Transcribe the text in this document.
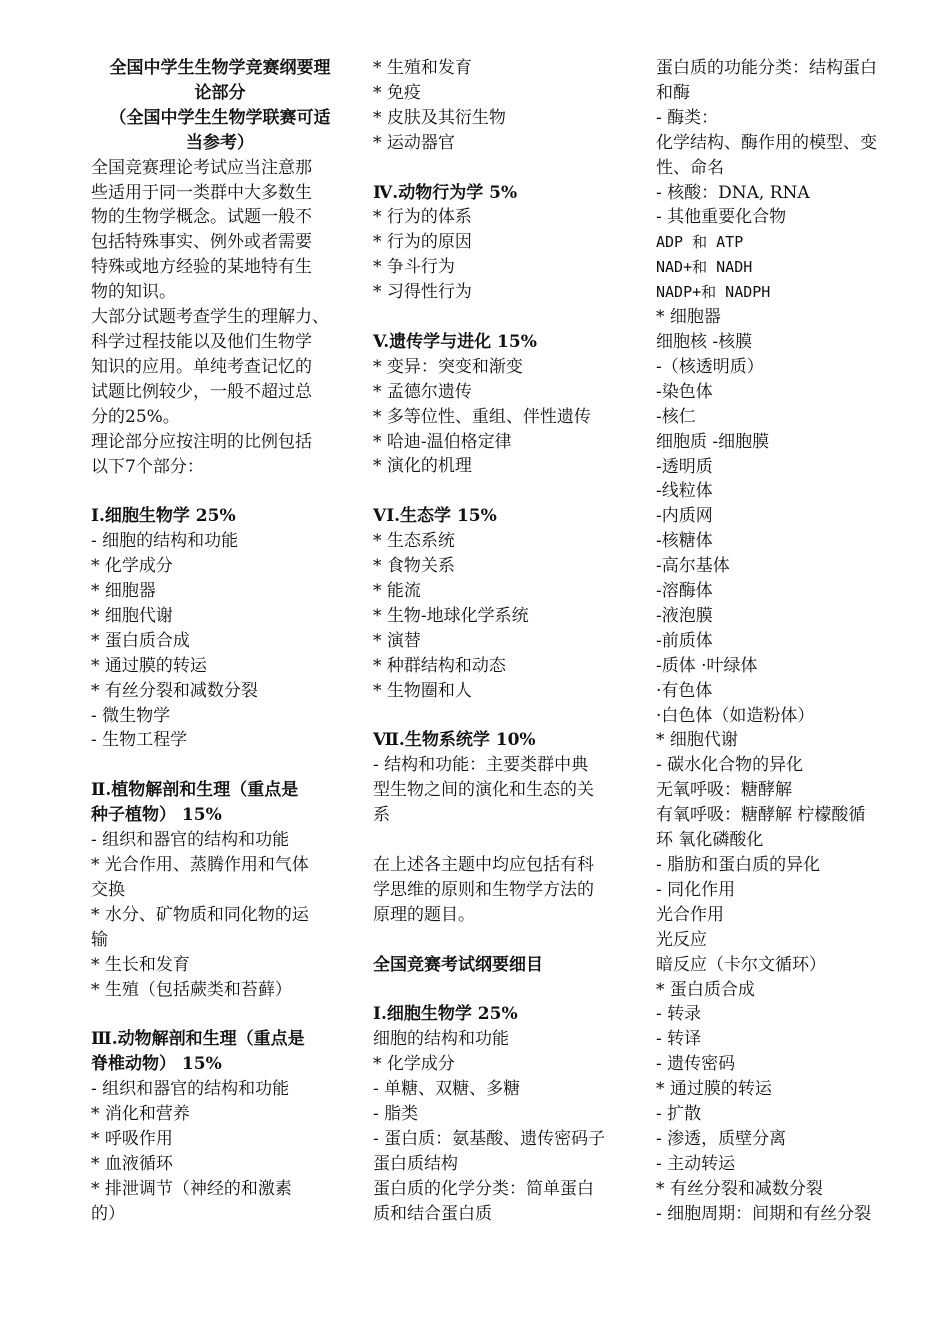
全国中学生生物学竞赛纲要理

论部分

（全国中学生生物学联赛可适

当参考）

全国竞赛理论考试应当注意那

些适用于同一类群中大多数生

物的生物学概念。试题一般不

包括特殊事实、例外或者需要

特殊或地方经验的某地特有生

物的知识。

大部分试题考查学生的理解力、

科学过程技能以及他们生物学

知识的应用。单纯考查记忆的

试题比例较少，一般不超过总

分的25%。

理论部分应按注明的比例包括

以下7个部分：

I.细胞生物学 25%

- 细胞的结构和功能

* 化学成分

* 细胞器

* 细胞代谢

* 蛋白质合成

* 通过膜的转运

* 有丝分裂和减数分裂

- 微生物学

- 生物工程学

Ⅱ.植物解剖和生理（重点是

种子植物） 15%

- 组织和器官的结构和功能

* 光合作用、蒸腾作用和气体

交换

* 水分、矿物质和同化物的运

输

* 生长和发育

* 生殖（包括蕨类和苔藓）

Ⅲ.动物解剖和生理（重点是

脊椎动物） 15%

- 组织和器官的结构和功能

* 消化和营养

* 呼吸作用

* 血液循环

* 排泄调节（神经的和激素

的）

* 生殖和发育

* 免疫

* 皮肤及其衍生物

* 运动器官

Ⅳ.动物行为学 5%

* 行为的体系

* 行为的原因

* 争斗行为

* 习得性行为

V.遗传学与进化 15%

* 变异：突变和渐变

* 孟德尔遗传

* 多等位性、重组、伴性遗传

* 哈迪-温伯格定律

* 演化的机理

VI.生态学 15%

* 生态系统

* 食物关系

* 能流

* 生物-地球化学系统

* 演替

* 种群结构和动态

* 生物圈和人

Ⅶ.生物系统学 10%

- 结构和功能：主要类群中典

型生物之间的演化和生态的关

系

在上述各主题中均应包括有科

学思维的原则和生物学方法的

原理的题目。

全国竞赛考试纲要细目

Ⅰ.细胞生物学 25%

细胞的结构和功能

* 化学成分

- 单糖、双糖、多糖

- 脂类

- 蛋白质：氨基酸、遗传密码子

蛋白质结构

蛋白质的化学分类：简单蛋白

质和结合蛋白质

蛋白质的功能分类：结构蛋白

和酶

- 酶类：

化学结构、酶作用的模型、变

性、命名

- 核酸：DNA, RNA

- 其他重要化合物

ADP 和 ATP

NAD+和 NADH

NADP+和 NADPH

* 细胞器

细胞核 -核膜

-（核透明质）

-染色体

-核仁

细胞质 -细胞膜

-透明质

-线粒体

-内质网

-核糖体

-高尔基体

-溶酶体

-液泡膜

-前质体

-质体 ·叶绿体

·有色体

·白色体（如造粉体）

* 细胞代谢

- 碳水化合物的异化

无氧呼吸：糖酵解

有氧呼吸：糖酵解 柠檬酸循

环 氧化磷酸化

- 脂肪和蛋白质的异化

- 同化作用

光合作用

光反应

暗反应（卡尔文循环）

* 蛋白质合成

- 转录

- 转译

- 遗传密码

* 通过膜的转运

- 扩散

- 渗透，质壁分离

- 主动转运

* 有丝分裂和减数分裂

- 细胞周期：间期和有丝分裂
